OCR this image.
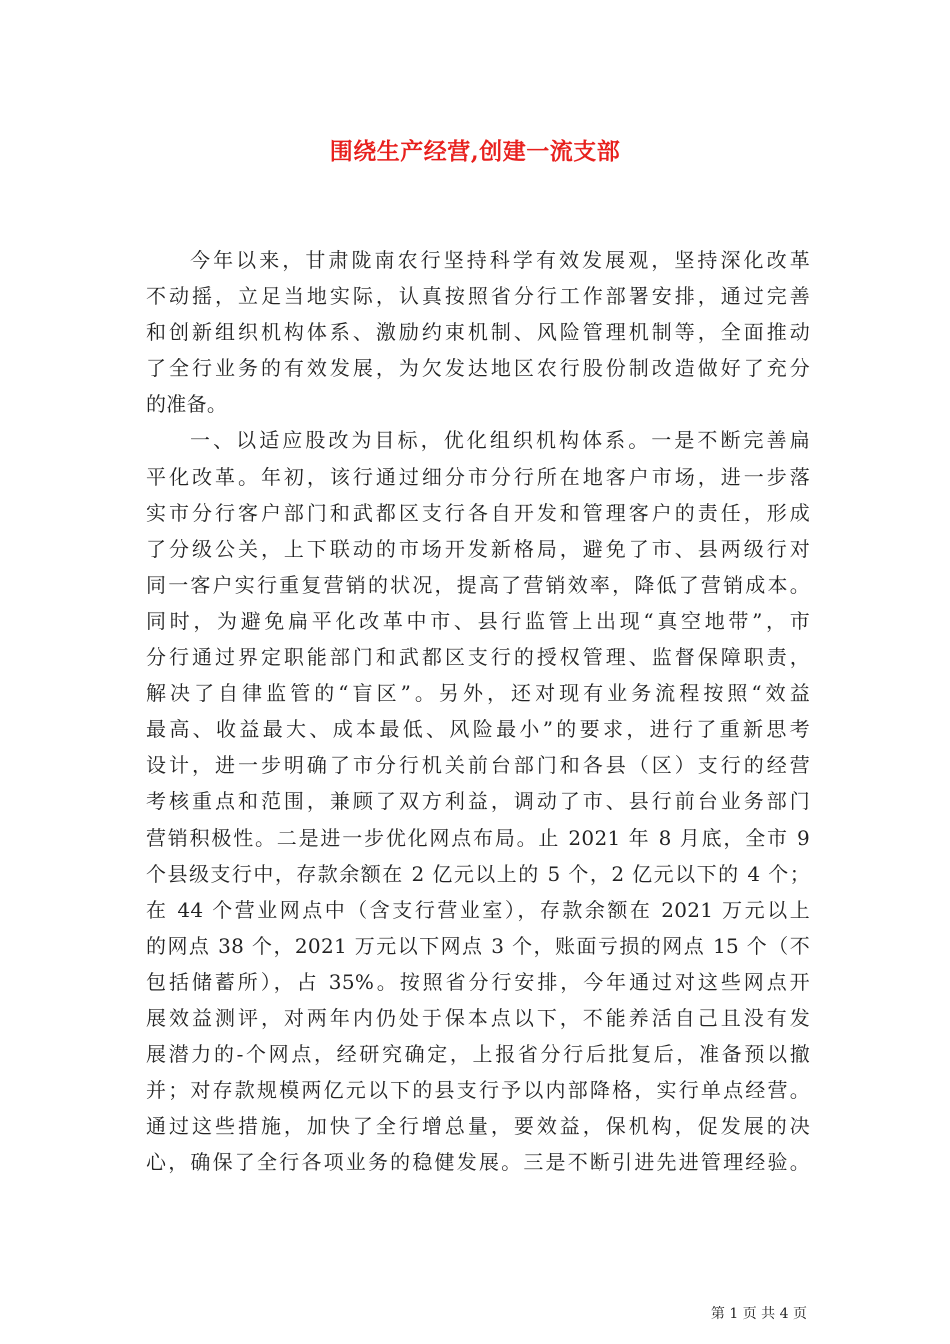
围绕生产经营,创建一流支部
今年以来，甘肃陇南农行坚持科学有效发展观，坚持深化改革
不动摇，立足当地实际，认真按照省分行工作部署安排，通过完善
和创新组织机构体系、激励约束机制、风险管理机制等，全面推动
了全行业务的有效发展，为欠发达地区农行股份制改造做好了充分
的准备。
一、以适应股改为目标，优化组织机构体系。一是不断完善扁
平化改革。年初，该行通过细分市分行所在地客户市场，进一步落
实市分行客户部门和武都区支行各自开发和管理客户的责任，形成
了分级公关，上下联动的市场开发新格局，避免了市、县两级行对
同一客户实行重复营销的状况，提高了营销效率，降低了营销成本。
同时，为避免扁平化改革中市、县行监管上出现“真空地带”，市
分行通过界定职能部门和武都区支行的授权管理、监督保障职责，
解决了自律监管的“盲区”。另外，还对现有业务流程按照“效益
最高、收益最大、成本最低、风险最小”的要求，进行了重新思考
设计，进一步明确了市分行机关前台部门和各县（区）支行的经营
考核重点和范围，兼顾了双方利益，调动了市、县行前台业务部门
营销积极性。二是进一步优化网点布局。止 2021 年 8 月底，全市 9
个县级支行中，存款余额在 2 亿元以上的 5 个，2 亿元以下的 4 个；
在 44 个营业网点中（含支行营业室），存款余额在 2021 万元以上
的网点 38 个，2021 万元以下网点 3 个，账面亏损的网点 15 个（不
包括储蓄所），占 35%。按照省分行安排，今年通过对这些网点开
展效益测评，对两年内仍处于保本点以下，不能养活自己且没有发
展潜力的-个网点，经研究确定，上报省分行后批复后，准备预以撤
并；对存款规模两亿元以下的县支行予以内部降格，实行单点经营。
通过这些措施，加快了全行增总量，要效益，保机构，促发展的决
心，确保了全行各项业务的稳健发展。三是不断引进先进管理经验。
第 1 页 共 4 页
